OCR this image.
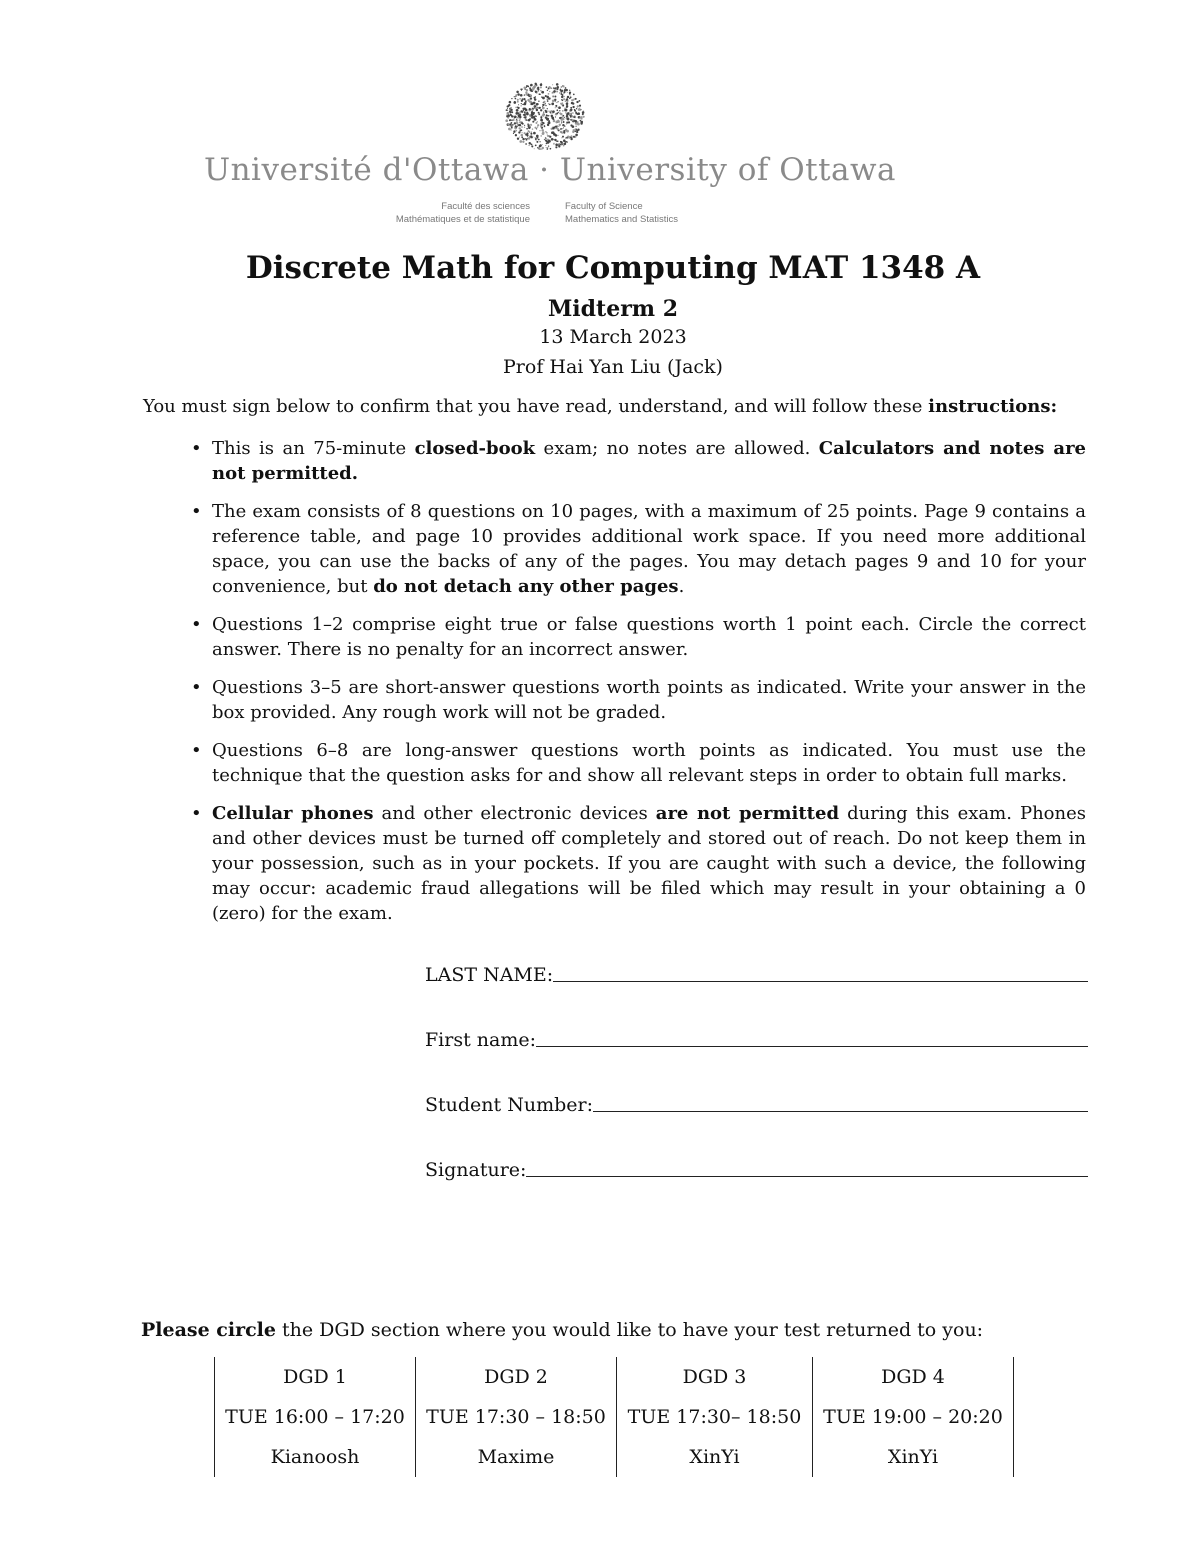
Université d'Ottawa · University of Ottawa
Faculté des sciences
Mathématiques et de statistique
Faculty of Science
Mathematics and Statistics
Discrete Math for Computing MAT 1348 A
Midterm 2
13 March 2023
Prof Hai Yan Liu (Jack)
You must sign below to confirm that you have read, understand, and will follow these instructions:
• This is an 75-minute closed-book exam; no notes are allowed. Calculators and notes are not permitted.
• The exam consists of 8 questions on 10 pages, with a maximum of 25 points. Page 9 contains a reference table, and page 10 provides additional work space. If you need more additional space, you can use the backs of any of the pages. You may detach pages 9 and 10 for your convenience, but do not detach any other pages.
• Questions 1–2 comprise eight true or false questions worth 1 point each. Circle the correct answer. There is no penalty for an incorrect answer.
• Questions 3–5 are short-answer questions worth points as indicated. Write your answer in the box provided. Any rough work will not be graded.
• Questions 6–8 are long-answer questions worth points as indicated. You must use the technique that the question asks for and show all relevant steps in order to obtain full marks.
• Cellular phones and other electronic devices are not permitted during this exam. Phones and other devices must be turned off completely and stored out of reach. Do not keep them in your possession, such as in your pockets. If you are caught with such a device, the following may occur: academic fraud allegations will be filed which may result in your obtaining a 0 (zero) for the exam.
LAST NAME:
First name:
Student Number:
Signature:
Please circle the DGD section where you would like to have your test returned to you:
DGD 1	DGD 2	DGD 3	DGD 4
TUE 16:00 – 17:20	TUE 17:30 – 18:50	TUE 17:30– 18:50	TUE 19:00 – 20:20
Kianoosh	Maxime	XinYi	XinYi
